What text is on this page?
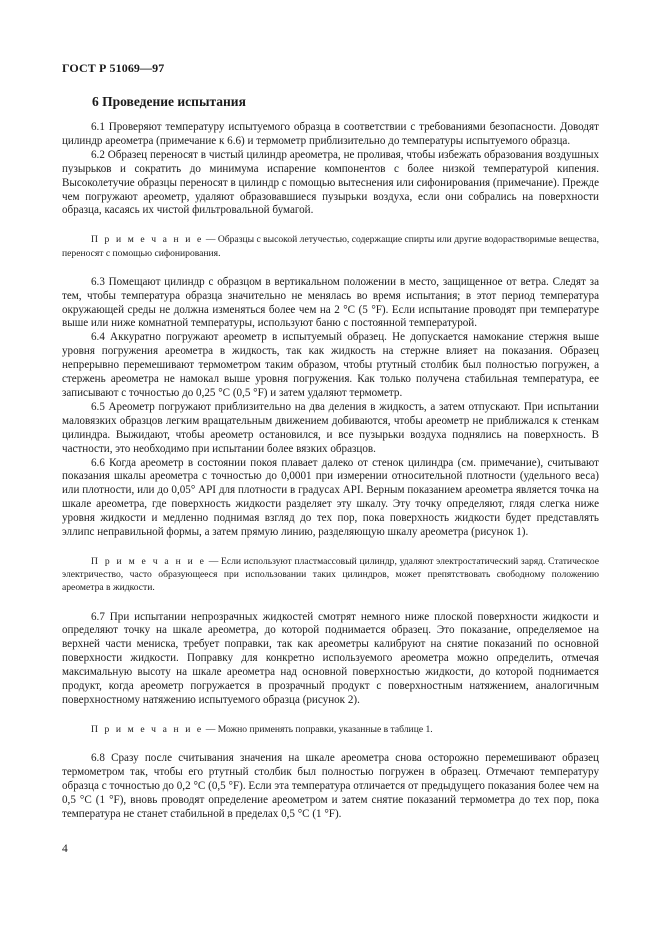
ГОСТ Р 51069—97
6 Проведение испытания

6.1 Проверяют температуру испытуемого образца в соответствии с требованиями безопасности. Доводят цилиндр ареометра (примечание к 6.6) и термометр приблизительно до температуры испытуемого образца.

6.2 Образец переносят в чистый цилиндр ареометра, не проливая, чтобы избежать образования воздушных пузырьков и сократить до минимума испарение компонентов с более низкой температурой кипения. Высоколетучие образцы переносят в цилиндр с помощью вытеснения или сифонирования (примечание). Прежде чем погружают ареометр, удаляют образовавшиеся пузырьки воздуха, если они собрались на поверхности образца, касаясь их чистой фильтровальной бумагой.

П р и м е ч а н и е — Образцы с высокой летучестью, содержащие спирты или другие водорастворимые вещества, переносят с помощью сифонирования.

6.3 Помещают цилиндр с образцом в вертикальном положении в место, защищенное от ветра. Следят за тем, чтобы температура образца значительно не менялась во время испытания; в этот период температура окружающей среды не должна изменяться более чем на 2 °С (5 °F). Если испытание проводят при температуре выше или ниже комнатной температуры, используют баню с постоянной температурой.

6.4 Аккуратно погружают ареометр в испытуемый образец. Не допускается намокание стержня выше уровня погружения ареометра в жидкость, так как жидкость на стержне влияет на показания. Образец непрерывно перемешивают термометром таким образом, чтобы ртутный столбик был полностью погружен, а стержень ареометра не намокал выше уровня погружения. Как только получена стабильная температура, ее записывают с точностью до 0,25 °С (0,5 °F) и затем удаляют термометр.

6.5 Ареометр погружают приблизительно на два деления в жидкость, а затем отпускают. При испытании маловязких образцов легким вращательным движением добиваются, чтобы ареометр не приближался к стенкам цилиндра. Выжидают, чтобы ареометр остановился, и все пузырьки воздуха поднялись на поверхность. В частности, это необходимо при испытании более вязких образцов.

6.6 Когда ареометр в состоянии покоя плавает далеко от стенок цилиндра (см. примечание), считывают показания шкалы ареометра с точностью до 0,0001 при измерении относительной плотности (удельного веса) или плотности, или до 0,05° API для плотности в градусах API. Верным показанием ареометра является точка на шкале ареометра, где поверхность жидкости разделяет эту шкалу. Эту точку определяют, глядя слегка ниже уровня жидкости и медленно поднимая взгляд до тех пор, пока поверхность жидкости будет представлять эллипс неправильной формы, а затем прямую линию, разделяющую шкалу ареометра (рисунок 1).

П р и м е ч а н и е — Если используют пластмассовый цилиндр, удаляют электростатический заряд. Статическое электричество, часто образующееся при использовании таких цилиндров, может препятствовать свободному положению ареометра в жидкости.

6.7 При испытании непрозрачных жидкостей смотрят немного ниже плоской поверхности жидкости и определяют точку на шкале ареометра, до которой поднимается образец. Это показание, определяемое на верхней части мениска, требует поправки, так как ареометры калибруют на снятие показаний по основной поверхности жидкости. Поправку для конкретно используемого ареометра можно определить, отмечая максимальную высоту на шкале ареометра над основной поверхностью жидкости, до которой поднимается продукт, когда ареометр погружается в прозрачный продукт с поверхностным натяжением, аналогичным поверхностному натяжению испытуемого образца (рисунок 2).

П р и м е ч а н и е — Можно применять поправки, указанные в таблице 1.

6.8 Сразу после считывания значения на шкале ареометра снова осторожно перемешивают образец термометром так, чтобы его ртутный столбик был полностью погружен в образец. Отмечают температуру образца с точностью до 0,2 °С (0,5 °F). Если эта температура отличается от предыдущего показания более чем на 0,5 °С (1 °F), вновь проводят определение ареометром и затем снятие показаний термометра до тех пор, пока температура не станет стабильной в пределах 0,5 °С (1 °F).

4
